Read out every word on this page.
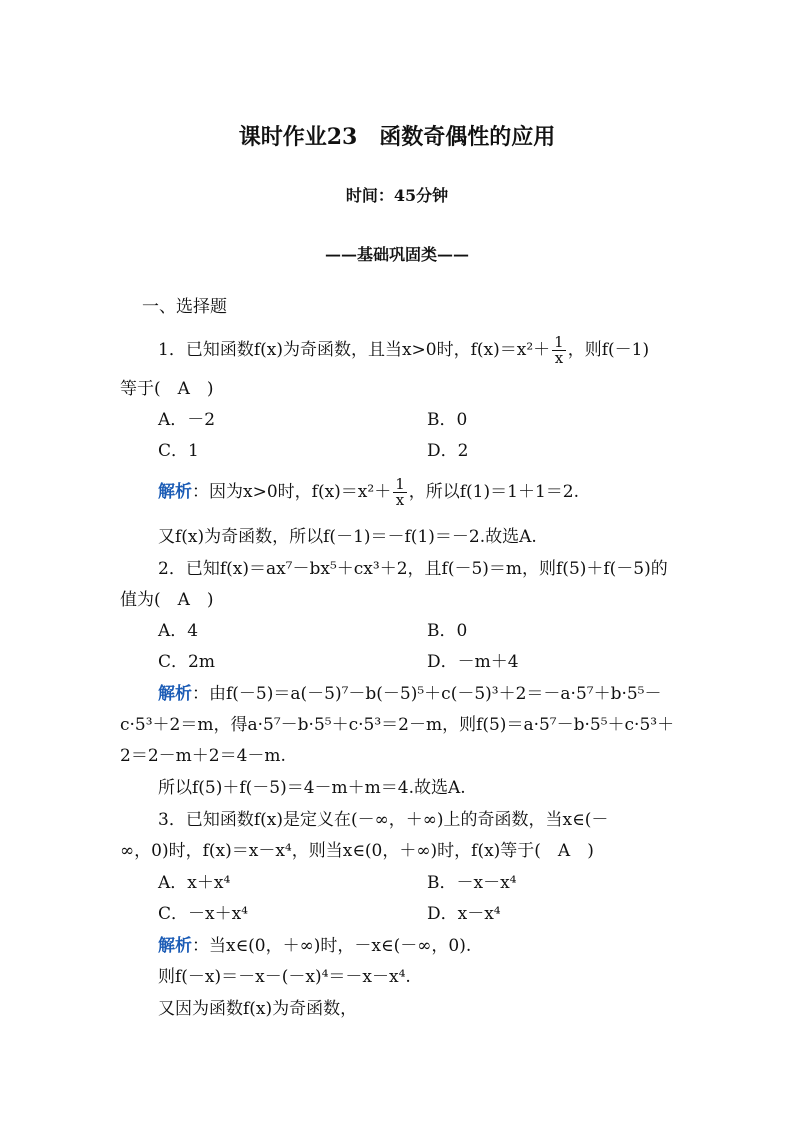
课时作业23　函数奇偶性的应用
时间：45分钟
——基础巩固类——
一、选择题
1．已知函数f(x)为奇函数，且当x>0时，$f(x)=x^2+ \frac{1}{x}$ ，则f(－1)
等于(　A　)
A．－2	B．0
C．1	D．2
解析：因为x>0时，$f(x)=x^2+ \frac{1}{x}$ ，所以f(1)＝1＋1＝2.
又f(x)为奇函数，所以f(－1)＝－f(1)＝－2.故选A.
2．已知f(x)＝ax⁷－bx⁵＋cx³＋2，且f(－5)＝m，则f(5)＋f(－5)的
值为(　A　)
A．4	B．0
C．2m	D．－m＋4
解析：由f(－5)＝a(－5)⁷－b(－5)⁵＋c(－5)³＋2＝－a·5⁷＋b·5⁵－
c·5³＋2＝m，得a·5⁷－b·5⁵＋c·5³＝2－m，则f(5)＝a·5⁷－b·5⁵＋c·5³＋
2＝2－m＋2＝4－m.
所以f(5)＋f(－5)＝4－m＋m＝4.故选A.
3．已知函数f(x)是定义在(－∞，＋∞)上的奇函数，当x∈(－
∞，0)时，f(x)＝x－x⁴，则当x∈(0，＋∞)时，f(x)等于(　A　)
A．x＋x⁴	B．－x－x⁴
C．－x＋x⁴	D．x－x⁴
解析：当x∈(0，＋∞)时，－x∈(－∞，0).
则f(－x)＝－x－(－x)⁴＝－x－x⁴.
又因为函数f(x)为奇函数，
